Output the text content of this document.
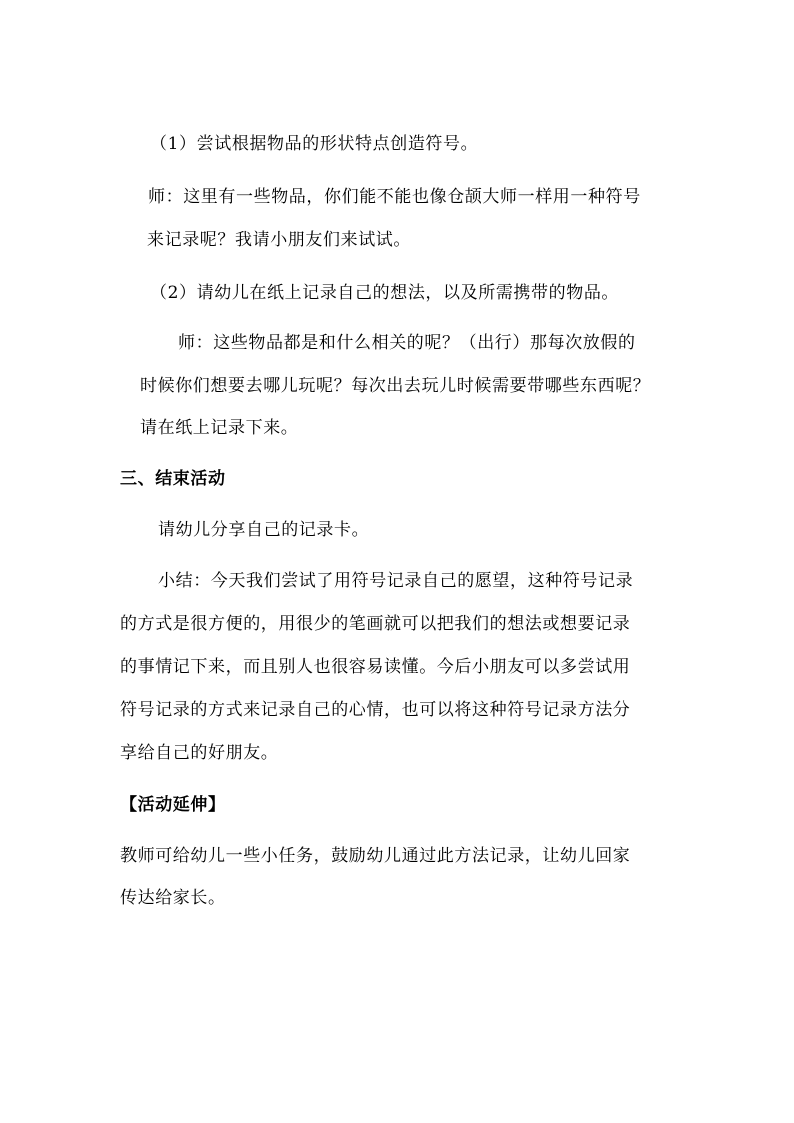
（1）尝试根据物品的形状特点创造符号。
师：这里有一些物品，你们能不能也像仓颉大师一样用一种符号
来记录呢？我请小朋友们来试试。
（2）请幼儿在纸上记录自己的想法，以及所需携带的物品。
师：这些物品都是和什么相关的呢？（出行）那每次放假的
时候你们想要去哪儿玩呢？每次出去玩儿时候需要带哪些东西呢？
请在纸上记录下来。
三、结束活动
请幼儿分享自己的记录卡。
小结：今天我们尝试了用符号记录自己的愿望，这种符号记录
的方式是很方便的，用很少的笔画就可以把我们的想法或想要记录
的事情记下来，而且别人也很容易读懂。今后小朋友可以多尝试用
符号记录的方式来记录自己的心情，也可以将这种符号记录方法分
享给自己的好朋友。
【活动延伸】
教师可给幼儿一些小任务，鼓励幼儿通过此方法记录，让幼儿回家
传达给家长。
